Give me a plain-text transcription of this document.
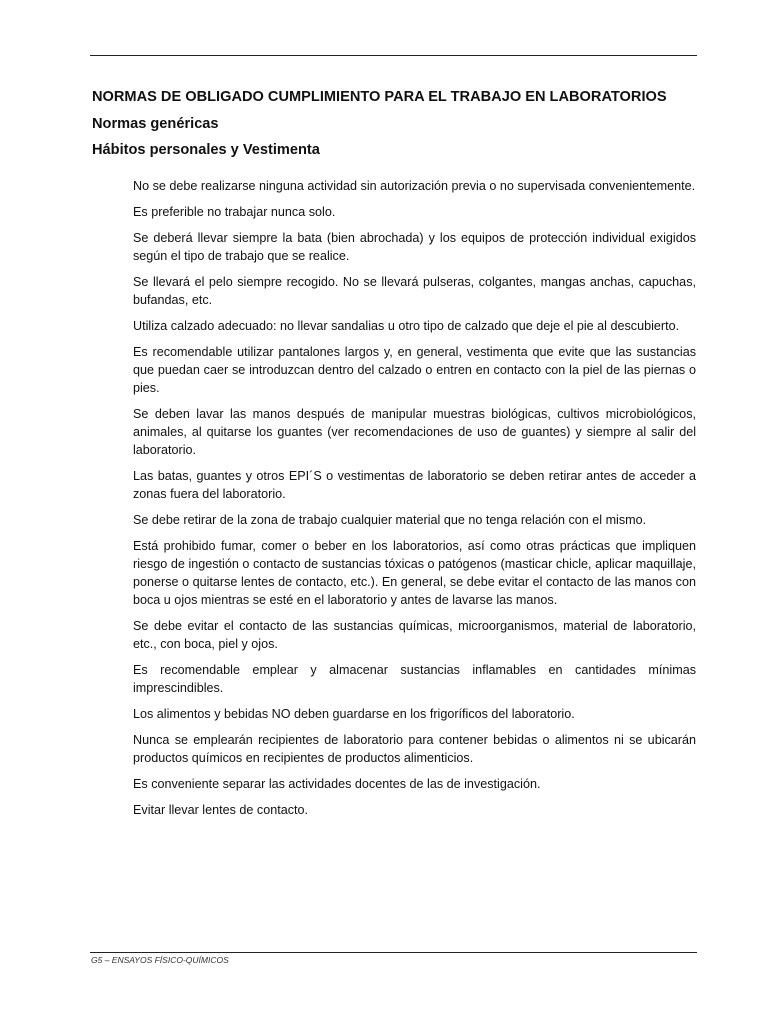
NORMAS DE OBLIGADO CUMPLIMIENTO PARA EL TRABAJO EN LABORATORIOS
Normas genéricas
Hábitos personales y Vestimenta

No se debe realizarse ninguna actividad sin autorización previa o no supervisada convenientemente.

Es preferible no trabajar nunca solo.

Se deberá llevar siempre la bata (bien abrochada) y los equipos de protección individual exigidos según el tipo de trabajo que se realice.

Se llevará el pelo siempre recogido. No se llevará pulseras, colgantes, mangas anchas, capuchas, bufandas, etc.

Utiliza calzado adecuado: no llevar sandalias u otro tipo de calzado que deje el pie al descubierto.

Es recomendable utilizar pantalones largos y, en general, vestimenta que evite que las sustancias que puedan caer se introduzcan dentro del calzado o entren en contacto con la piel de las piernas o pies.

Se deben lavar las manos después de manipular muestras biológicas, cultivos microbiológicos, animales, al quitarse los guantes (ver recomendaciones de uso de guantes) y siempre al salir del laboratorio.

Las batas, guantes y otros EPI´S o vestimentas de laboratorio se deben retirar antes de acceder a zonas fuera del laboratorio.

Se debe retirar de la zona de trabajo cualquier material que no tenga relación con el mismo.

Está prohibido fumar, comer o beber en los laboratorios, así como otras prácticas que impliquen riesgo de ingestión o contacto de sustancias tóxicas o patógenos (masticar chicle, aplicar maquillaje, ponerse o quitarse lentes de contacto, etc.). En general, se debe evitar el contacto de las manos con boca u ojos mientras se esté en el laboratorio y antes de lavarse las manos.

Se debe evitar el contacto de las sustancias químicas, microorganismos, material de laboratorio, etc., con boca, piel y ojos.

Es recomendable emplear y almacenar sustancias inflamables en cantidades mínimas imprescindibles.

Los alimentos y bebidas NO deben guardarse en los frigoríficos del laboratorio.

Nunca se emplearán recipientes de laboratorio para contener bebidas o alimentos ni se ubicarán productos químicos en recipientes de productos alimenticios.

Es conveniente separar las actividades docentes de las de investigación.

Evitar llevar lentes de contacto.

G5 – ENSAYOS FÍSICO-QUÍMICOS
